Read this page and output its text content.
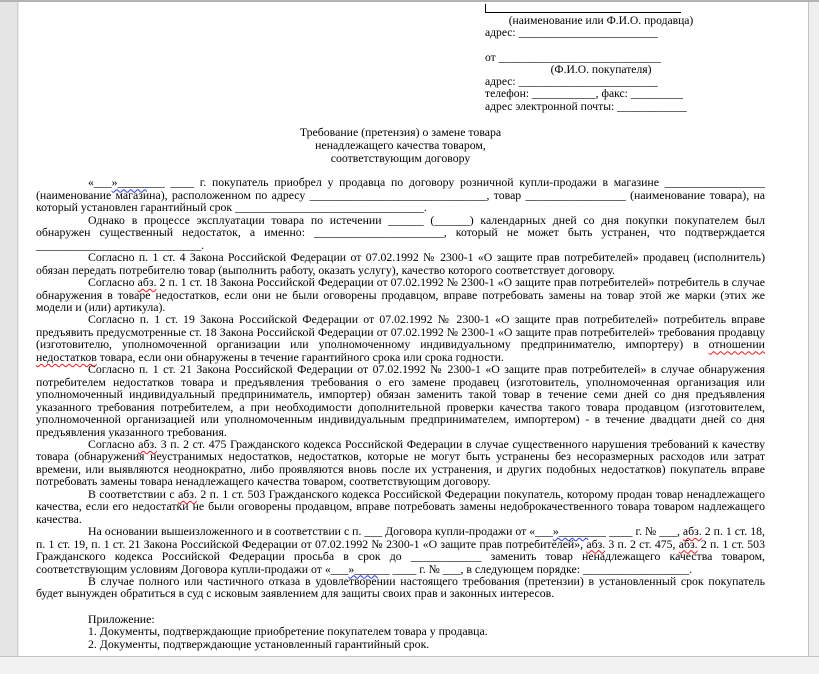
(наименование или Ф.И.О. продавца)
адрес: ________________________
от ____________________________
(Ф.И.О. покупателя)
адрес: ________________________
телефон: ___________, факс: _________
адрес электронной почты: ____________
Требование (претензия) о замене товара
ненадлежащего качества товаром,
соответствующим договору

«___»________ ____ г. покупатель приобрел у продавца по договору розничной купли-продажи в магазине _________________ (наименование магазина), расположенном по адресу ______________________________, товар _________________ (наименование товара), на который установлен гарантийный срок ________________________________.

Однако в процессе эксплуатации товара по истечении ______ (______) календарных дней со дня покупки покупателем был обнаружен существенный недостаток, а именно: ______________________, который не может быть устранен, что подтверждается ____________________________.

Согласно п. 1 ст. 4 Закона Российской Федерации от 07.02.1992 № 2300-1 «О защите прав потребителей» продавец (исполнитель) обязан передать потребителю товар (выполнить работу, оказать услугу), качество которого соответствует договору.

Согласно абз. 2 п. 1 ст. 18 Закона Российской Федерации от 07.02.1992 № 2300-1 «О защите прав потребителей» потребитель в случае обнаружения в товаре недостатков, если они не были оговорены продавцом, вправе потребовать замены на товар этой же марки (этих же модели и (или) артикула).

Согласно п. 1 ст. 19 Закона Российской Федерации от 07.02.1992 № 2300-1 «О защите прав потребителей» потребитель вправе предъявить предусмотренные ст. 18 Закона Российской Федерации от 07.02.1992 № 2300-1 «О защите прав потребителей» требования продавцу (изготовителю, уполномоченной организации или уполномоченному индивидуальному предпринимателю, импортеру) в отношении недостатков товара, если они обнаружены в течение гарантийного срока или срока годности.

Согласно п. 1 ст. 21 Закона Российской Федерации от 07.02.1992 № 2300-1 «О защите прав потребителей» в случае обнаружения потребителем недостатков товара и предъявления требования о его замене продавец (изготовитель, уполномоченная организация или уполномоченный индивидуальный предприниматель, импортер) обязан заменить такой товар в течение семи дней со дня предъявления указанного требования потребителем, а при необходимости дополнительной проверки качества такого товара продавцом (изготовителем, уполномоченной организацией или уполномоченным индивидуальным предпринимателем, импортером) - в течение двадцати дней со дня предъявления указанного требования.

Согласно абз. 3 п. 2 ст. 475 Гражданского кодекса Российской Федерации в случае существенного нарушения требований к качеству товара (обнаружения неустранимых недостатков, недостатков, которые не могут быть устранены без несоразмерных расходов или затрат времени, или выявляются неоднократно, либо проявляются вновь после их устранения, и других подобных недостатков) покупатель вправе потребовать замены товара ненадлежащего качества товаром, соответствующим договору.

В соответствии с абз. 2 п. 1 ст. 503 Гражданского кодекса Российской Федерации покупатель, которому продан товар ненадлежащего качества, если его недостатки не были оговорены продавцом, вправе потребовать замены недоброкачественного товара товаром надлежащего качества.

На основании вышеизложенного и в соответствии с п. ___ Договора купли-продажи от «___»________ ____ г. № ___, абз. 2 п. 1 ст. 18, п. 1 ст. 19, п. 1 ст. 21 Закона Российской Федерации от 07.02.1992 № 2300-1 «О защите прав потребителей», абз. 3 п. 2 ст. 475, абз. 2 п. 1 ст. 503 Гражданского кодекса Российской Федерации просьба в срок до ____________ заменить товар ненадлежащего качества товаром, соответствующим условиям Договора купли-продажи от «___»______ ____ г. № ___, в следующем порядке: __________________.

В случае полного или частичного отказа в удовлетворении настоящего требования (претензии) в установленный срок покупатель будет вынужден обратиться в суд с исковым заявлением для защиты своих прав и законных интересов.

Приложение:
1. Документы, подтверждающие приобретение покупателем товара у продавца.
2. Документы, подтверждающие установленный гарантийный срок.
